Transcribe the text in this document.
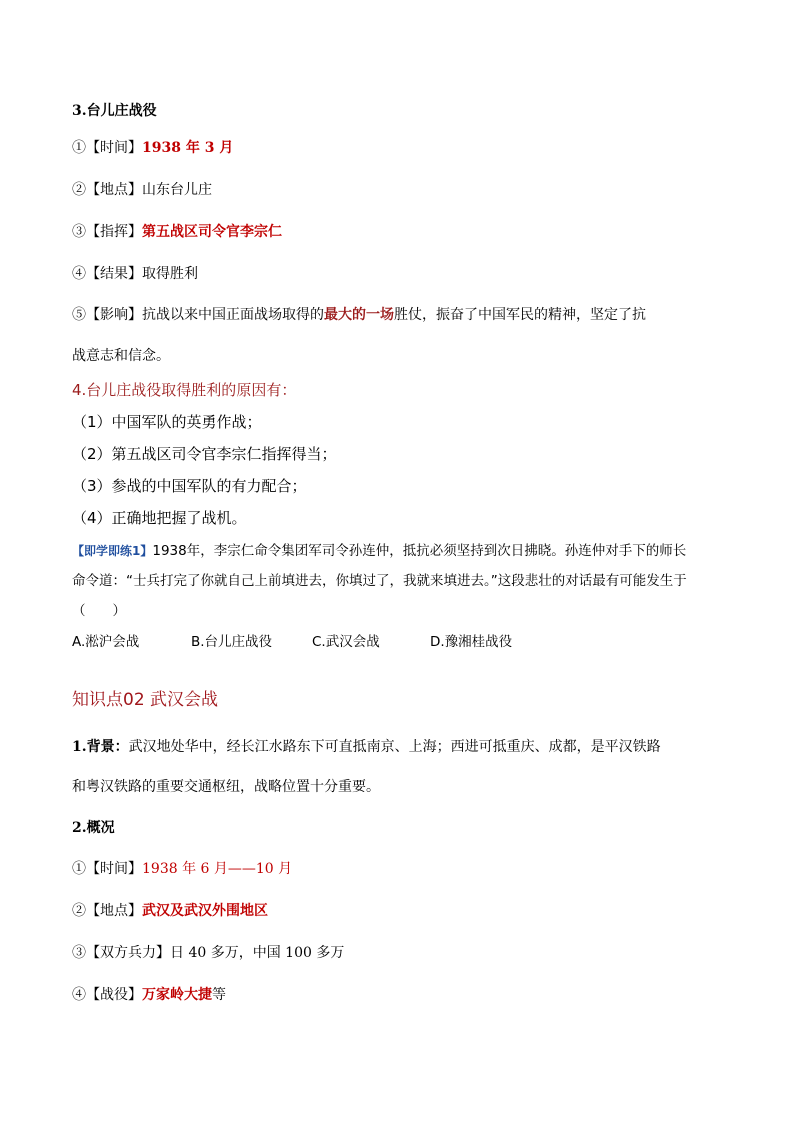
3.台儿庄战役
①【时间】1938 年 3 月
②【地点】山东台儿庄
③【指挥】第五战区司令官李宗仁
④【结果】取得胜利
⑤【影响】抗战以来中国正面战场取得的最大的一场胜仗，振奋了中国军民的精神，坚定了抗
战意志和信念。
4.台儿庄战役取得胜利的原因有：
（1）中国军队的英勇作战；
（2）第五战区司令官李宗仁指挥得当；
（3）参战的中国军队的有力配合；
（4）正确地把握了战机。
【即学即练1】1938年，李宗仁命令集团军司令孙连仲，抵抗必须坚持到次日拂晓。孙连仲对手下的师长
命令道：“士兵打完了你就自己上前填进去，你填过了，我就来填进去。”这段悲壮的对话最有可能发生于
（　　）
A.淞沪会战	B.台儿庄战役	C.武汉会战	D.豫湘桂战役
知识点02 武汉会战
1.背景：武汉地处华中，经长江水路东下可直抵南京、上海；西进可抵重庆、成都，是平汉铁路
和粤汉铁路的重要交通枢纽，战略位置十分重要。
2.概况
①【时间】1938 年 6 月——10 月
②【地点】武汉及武汉外围地区
③【双方兵力】日 40 多万，中国 100 多万
④【战役】万家岭大捷等
